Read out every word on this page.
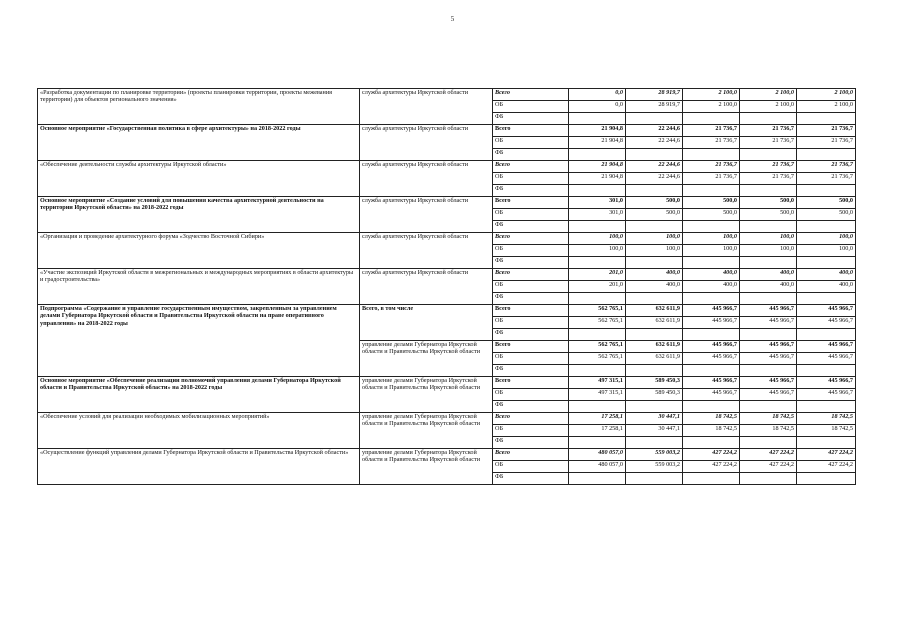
5
«Разработка документации по планировке территории» (проекты планировки территории, проекты межевания территории) для объектов регионального значения»	служба архитектуры Иркутской области	Всего	0,0	28 919,7	2 100,0	2 100,0	2 100,0
		ОБ	0,0	28 919,7	2 100,0	2 100,0	2 100,0
		ФБ					
Основное мероприятие «Государственная политика в сфере архитектуры» на 2018-2022 годы	служба архитектуры Иркутской области	Всего	21 904,8	22 244,6	21 736,7	21 736,7	21 736,7
		ОБ	21 904,8	22 244,6	21 736,7	21 736,7	21 736,7
		ФБ					
«Обеспечение деятельности службы архитектуры Иркутской области»	служба архитектуры Иркутской области	Всего	21 904,8	22 244,6	21 736,7	21 736,7	21 736,7
		ОБ	21 904,8	22 244,6	21 736,7	21 736,7	21 736,7
		ФБ					
Основное мероприятие «Создание условий для повышения качества архитектурной деятельности на территории Иркутской области» на 2018-2022 годы	служба архитектуры Иркутской области	Всего	301,0	500,0	500,0	500,0	500,0
		ОБ	301,0	500,0	500,0	500,0	500,0
		ФБ					
«Организация и проведение архитектурного форума «Зодчество Восточной Сибири»	служба архитектуры Иркутской области	Всего	100,0	100,0	100,0	100,0	100,0
		ОБ	100,0	100,0	100,0	100,0	100,0
		ФБ					
«Участие экспозиций Иркутской области в межрегиональных и международных мероприятиях в области архитектуры и градостроительства»	служба архитектуры Иркутской области	Всего	201,0	400,0	400,0	400,0	400,0
		ОБ	201,0	400,0	400,0	400,0	400,0
		ФБ					
Подпрограмма «Содержание и управление государственным имуществом, закрепленным за управлением делами Губернатора Иркутской области и Правительства Иркутской области на праве оперативного управления» на 2018-2022 годы	Всего, в том числе	Всего	562 765,1	632 611,9	445 966,7	445 966,7	445 966,7
		ОБ	562 765,1	632 611,9	445 966,7	445 966,7	445 966,7
		ФБ					
	управление делами Губернатора Иркутской области и Правительства Иркутской области	Всего	562 765,1	632 611,9	445 966,7	445 966,7	445 966,7
		ОБ	562 765,1	632 611,9	445 966,7	445 966,7	445 966,7
		ФБ					
Основное мероприятие «Обеспечение реализации полномочий управления делами Губернатора Иркутской области и Правительства Иркутской области» на 2018-2022 годы	управление делами Губернатора Иркутской области и Правительства Иркутской области	Всего	497 315,1	589 450,3	445 966,7	445 966,7	445 966,7
		ОБ	497 315,1	589 450,3	445 966,7	445 966,7	445 966,7
		ФБ					
«Обеспечение условий для реализации необходимых мобилизационных мероприятий»	управление делами Губернатора Иркутской области и Правительства Иркутской области	Всего	17 258,1	30 447,1	18 742,5	18 742,5	18 742,5
		ОБ	17 258,1	30 447,1	18 742,5	18 742,5	18 742,5
		ФБ					
«Осуществление функций управления делами Губернатора Иркутской области и Правительства Иркутской области»	управление делами Губернатора Иркутской области и Правительства Иркутской области	Всего	480 057,0	559 003,2	427 224,2	427 224,2	427 224,2
		ОБ	480 057,0	559 003,2	427 224,2	427 224,2	427 224,2
		ФБ					
